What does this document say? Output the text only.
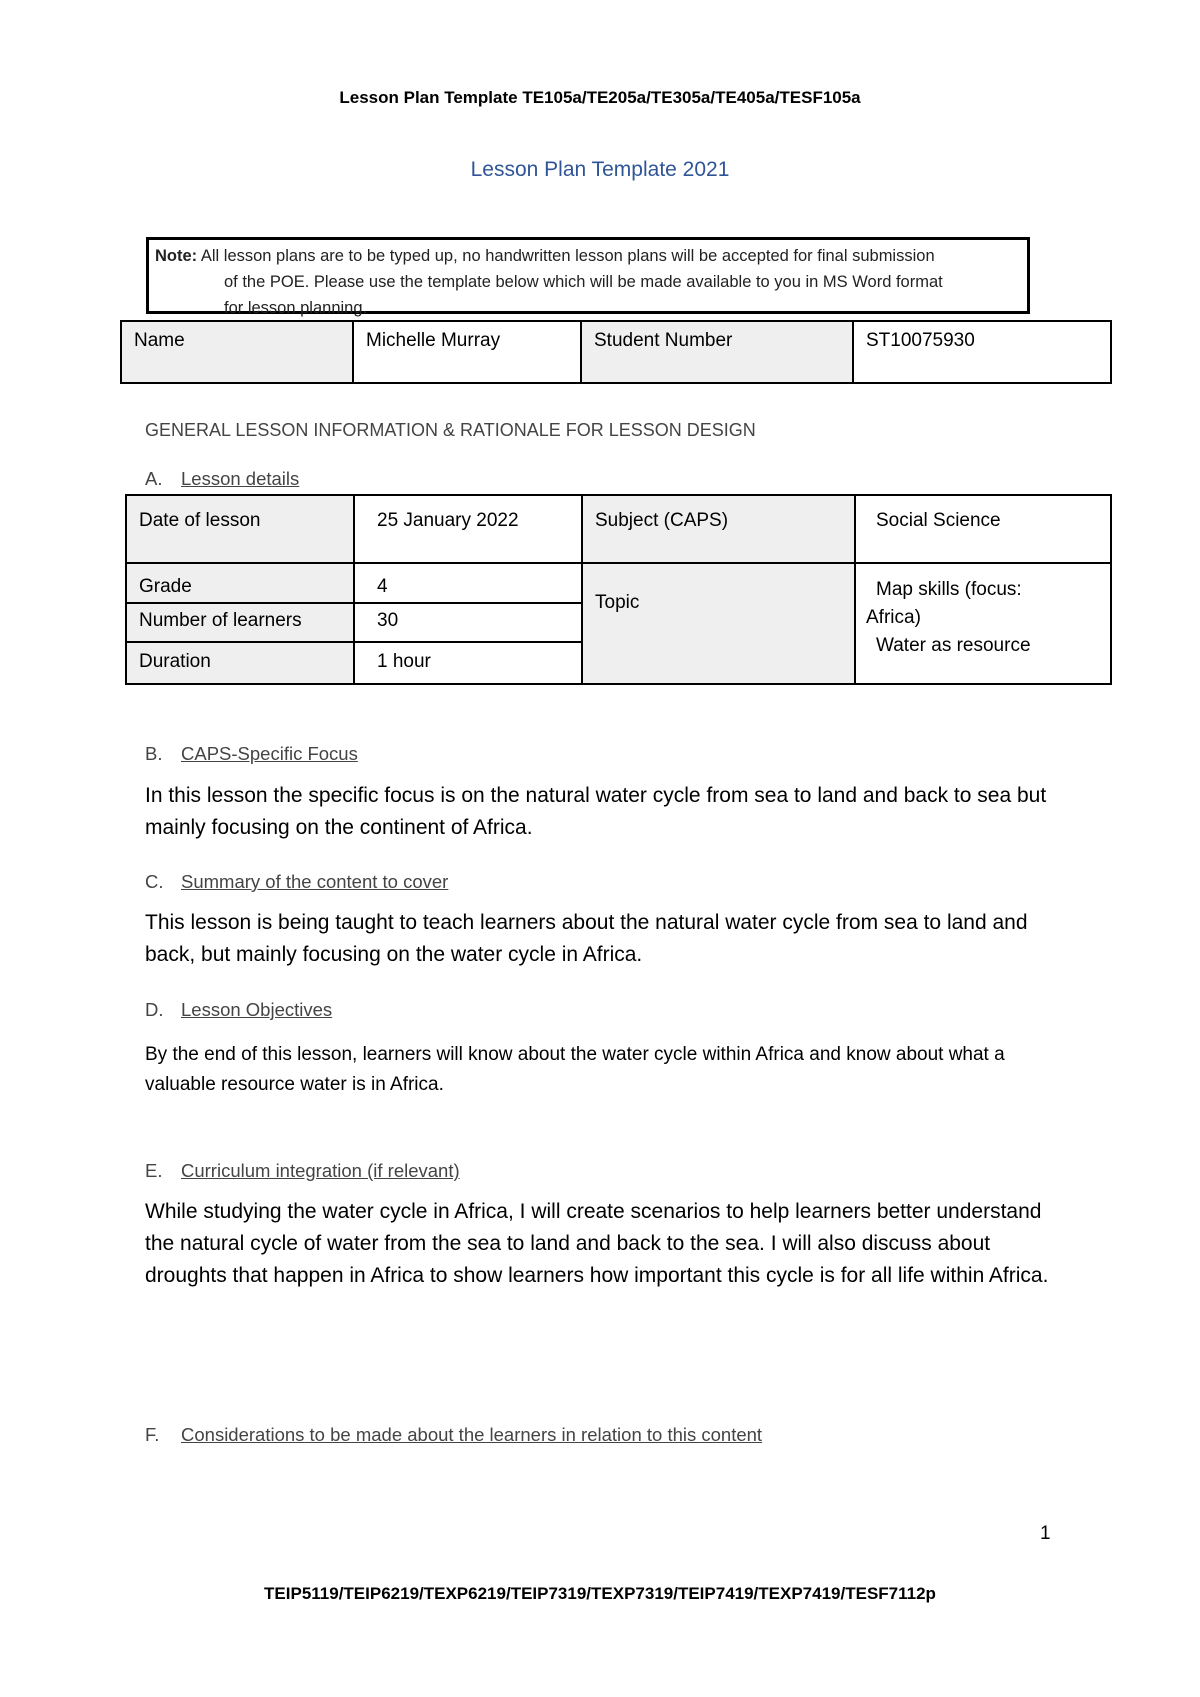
Lesson Plan Template TE105a/TE205a/TE305a/TE405a/TESF105a
Lesson Plan Template 2021
Note: All lesson plans are to be typed up, no handwritten lesson plans will be accepted for final submission
of the POE. Please use the template below which will be made available to you in MS Word format
for lesson planning.
Name	Michelle Murray	Student Number	ST10075930
GENERAL LESSON INFORMATION & RATIONALE FOR LESSON DESIGN
A. Lesson details
Date of lesson	25 January 2022	Subject (CAPS)	Social Science
Grade	4	Topic	Map skills (focus:
Africa)
Water as resource

Number of learners	30		
Duration	1 hour		
B. CAPS-Specific Focus
In this lesson the specific focus is on the natural water cycle from sea to land and back to sea but mainly focusing on the continent of Africa.
C. Summary of the content to cover
This lesson is being taught to teach learners about the natural water cycle from sea to land and back, but mainly focusing on the water cycle in Africa.
D. Lesson Objectives
By the end of this lesson, learners will know about the water cycle within Africa and know about what a valuable resource water is in Africa.
E. Curriculum integration (if relevant)
While studying the water cycle in Africa, I will create scenarios to help learners better understand the natural cycle of water from the sea to land and back to the sea. I will also discuss about droughts that happen in Africa to show learners how important this cycle is for all life within Africa.
F. Considerations to be made about the learners in relation to this content
1
TEIP5119/TEIP6219/TEXP6219/TEIP7319/TEXP7319/TEIP7419/TEXP7419/TESF7112p
